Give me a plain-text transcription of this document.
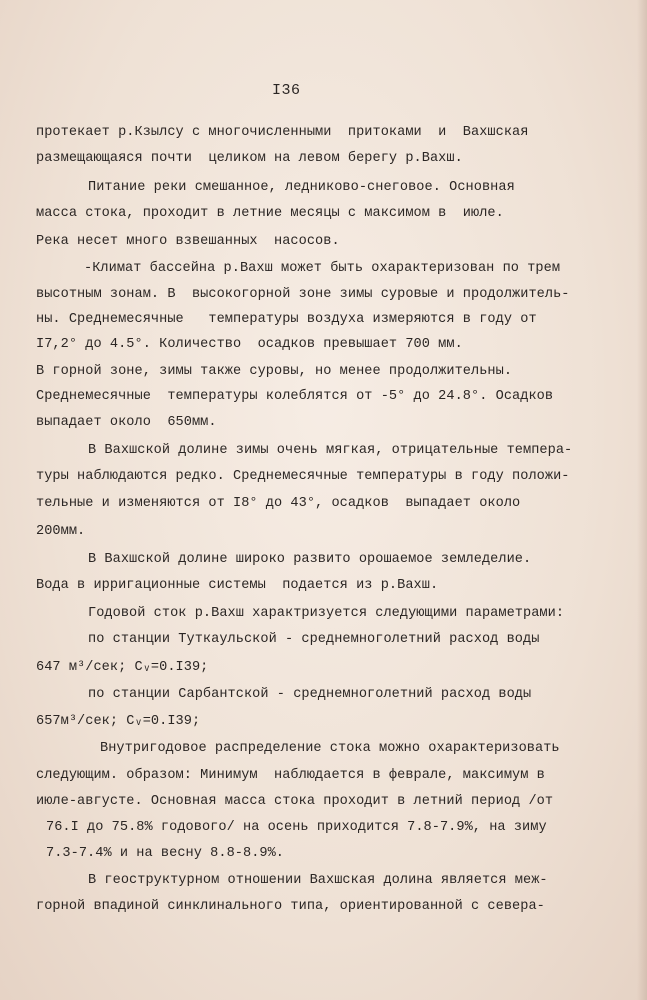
I36
протекает р.Кзылсу с многочисленными  притоками  и  Вахшская
размещающаяся почти  целиком на левом берегу р.Вахш.
Питание реки смешанное, ледниково-снеговое. Основная
масса стока, проходит в летние месяцы с максимом в  июле.
Река несет много взвешанных  насосов.
-Климат бассейна р.Вахш может быть охарактеризован по трем
высотным зонам. В  высокогорной зоне зимы суровые и продолжитель-
ны. Среднемесячные   температуры воздуха измеряются в году от
I7,2° до 4.5°. Количество  осадков превышает 700 мм.
В горной зоне, зимы также суровы, но менее продолжительны.
Среднемесячные  температуры колеблятся от -5° до 24.8°. Осадков
выпадает около  650мм.
В Вахшской долине зимы очень мягкая, отрицательные темпера-
туры наблюдаются редко. Среднемесячные температуры в году положи-
тельные и изменяются от I8° до 43°, осадков  выпадает около
200мм.
В Вахшской долине широко развито орошаемое земледелие.
Вода в ирригационные системы  подается из р.Вахш.
Годовой сток р.Вахш характризуется следующими параметрами:
по станции Туткаульской - среднемноголетний расход воды
647 м³/сек; Cᵥ=0.I39;
по станции Сарбантской - среднемноголетний расход воды
657м³/сек; Cᵥ=0.I39;
Внутригодовое распределение стока можно охарактеризовать
следующим. образом: Минимум  наблюдается в феврале, максимум в
июле-августе. Основная масса стока проходит в летний период /от
76.I до 75.8% годового/ на осень приходится 7.8-7.9%, на зиму
7.3-7.4% и на весну 8.8-8.9%.
В геоструктурном отношении Вахшская долина является меж-
горной впадиной синклинального типа, ориентированной с севера-
